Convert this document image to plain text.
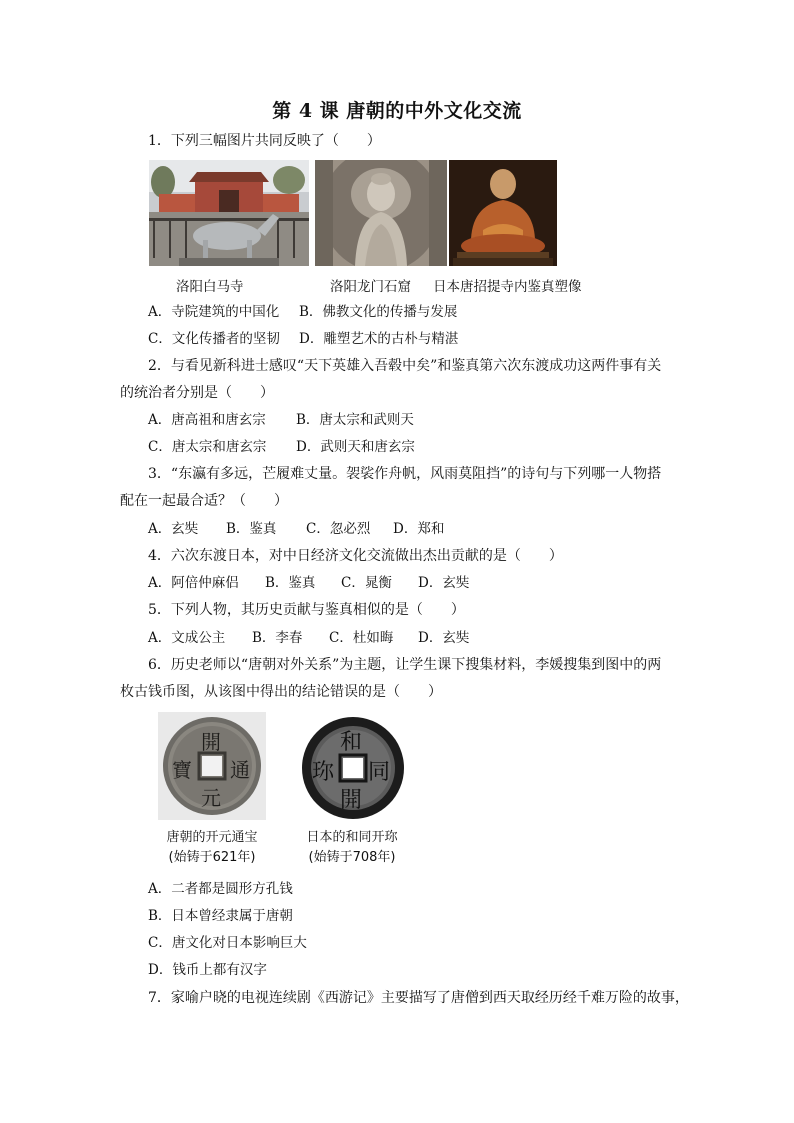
第 4 课 唐朝的中外文化交流
1．下列三幅图片共同反映了（　　）
洛阳白马寺	洛阳龙门石窟 日本唐招提寺内鉴真塑像
A．寺院建筑的中国化 B．佛教文化的传播与发展
C．文化传播者的坚韧 D．雕塑艺术的古朴与精湛
2．与看见新科进士感叹“天下英雄入吾毂中矣”和鉴真第六次东渡成功这两件事有关
的统治者分别是（　　）
A．唐高祖和唐玄宗 B．唐太宗和武则天
C．唐太宗和唐玄宗 D．武则天和唐玄宗
3．“东瀛有多远，芒履难丈量。袈裟作舟帆，风雨莫阻挡”的诗句与下列哪一人物搭
配在一起最合适？（　　）
A．玄奘 B．鉴真 C．忽必烈 D．郑和
4．六次东渡日本，对中日经济文化交流做出杰出贡献的是（　　）
A．阿倍仲麻侣 B．鉴真 C．晁衡 D．玄奘
5．下列人物，其历史贡献与鉴真相似的是（　　）
A．文成公主 B．李春 C．杜如晦 D．玄奘
6．历史老师以“唐朝对外关系”为主题，让学生课下搜集材料，李媛搜集到图中的两
枚古钱币图，从该图中得出的结论错误的是（　　）
開
通
元
寶
和
同
開
珎
唐朝的开元通宝
(始铸于621年)
日本的和同开珎
(始铸于708年)
A．二者都是圆形方孔钱
B．日本曾经隶属于唐朝
C．唐文化对日本影响巨大
D．钱币上都有汉字
7．家喻户晓的电视连续剧《西游记》主要描写了唐僧到西天取经历经千难万险的故事，
